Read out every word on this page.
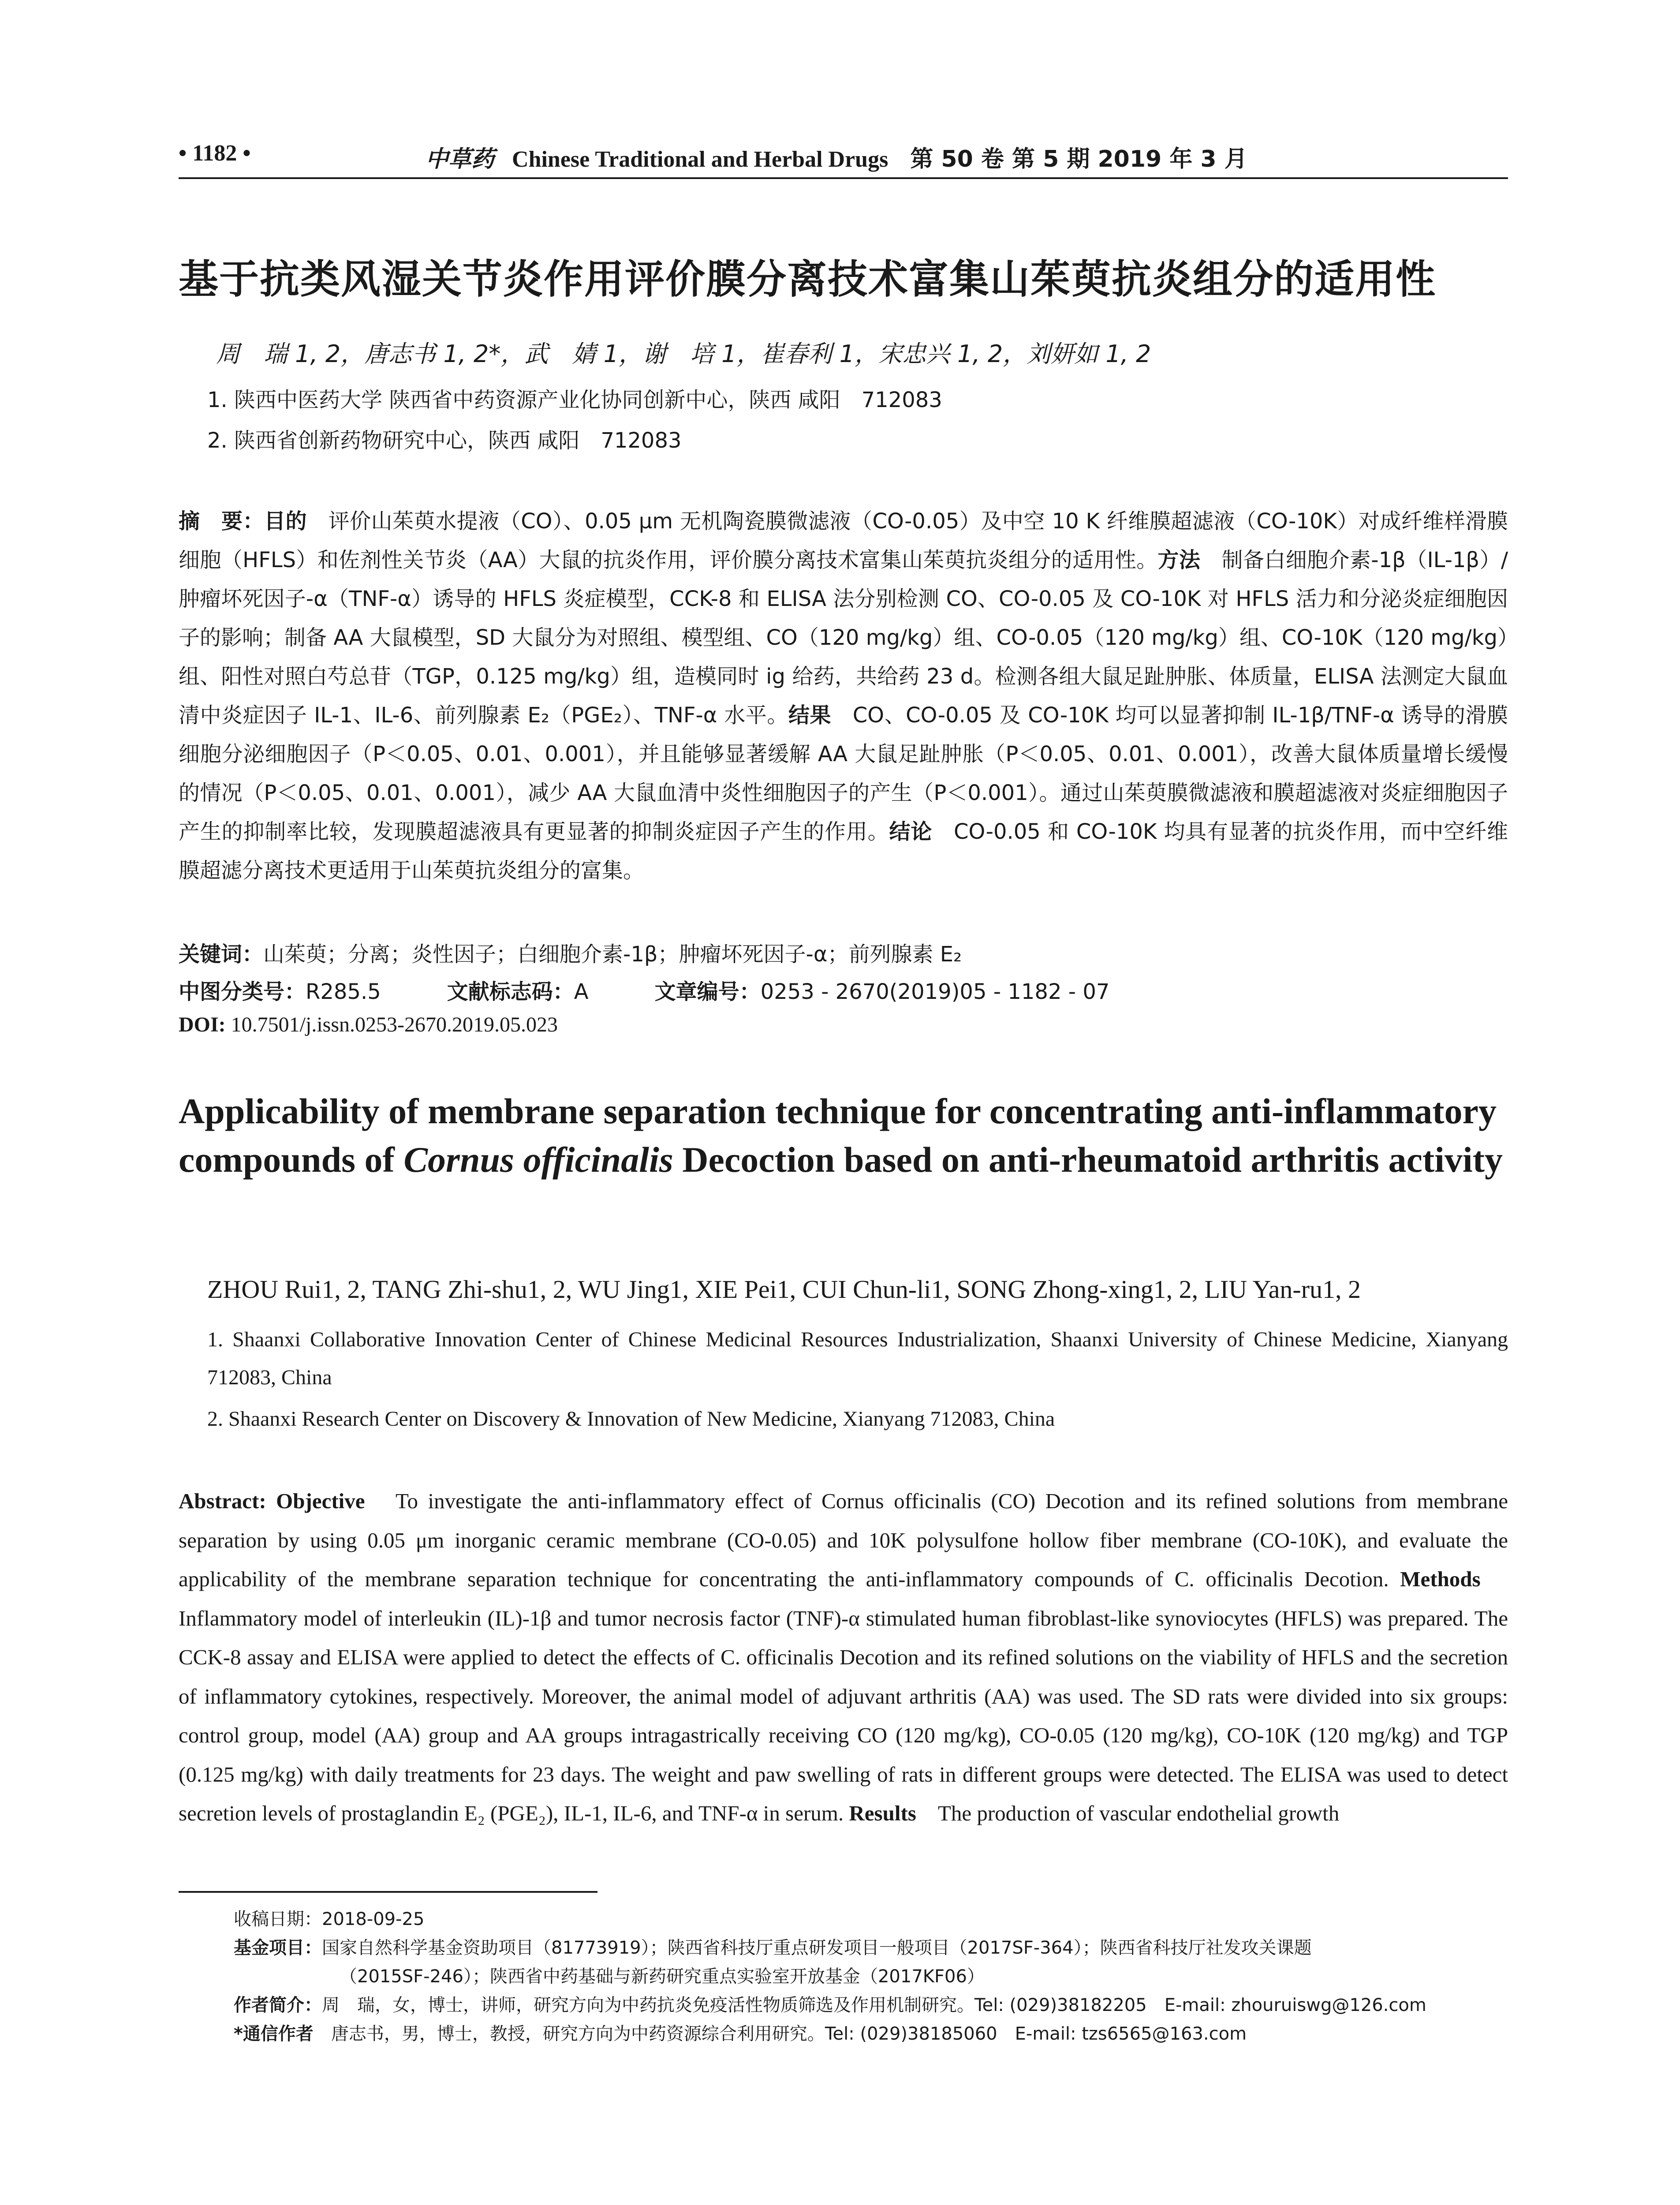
• 1182 •	中草药 Chinese Traditional and Herbal Drugs 第 50 卷 第 5 期 2019 年 3 月
基于抗类风湿关节炎作用评价膜分离技术富集山茱萸抗炎组分的适用性
周　瑞 1, 2，唐志书 1, 2*，武　婧 1，谢　培 1，崔春利 1，宋忠兴 1, 2，刘妍如 1, 2
1. 陕西中医药大学 陕西省中药资源产业化协同创新中心，陕西 咸阳　712083
2. 陕西省创新药物研究中心，陕西 咸阳　712083
摘　要：目的　评价山茱萸水提液（CO）、0.05 μm 无机陶瓷膜微滤液（CO-0.05）及中空 10 K 纤维膜超滤液（CO-10K）对成纤维样滑膜细胞（HFLS）和佐剂性关节炎（AA）大鼠的抗炎作用，评价膜分离技术富集山茱萸抗炎组分的适用性。方法　制备白细胞介素-1β（IL-1β）/肿瘤坏死因子-α（TNF-α）诱导的 HFLS 炎症模型，CCK-8 和 ELISA 法分别检测 CO、CO-0.05 及 CO-10K 对 HFLS 活力和分泌炎症细胞因子的影响；制备 AA 大鼠模型，SD 大鼠分为对照组、模型组、CO（120 mg/kg）组、CO-0.05（120 mg/kg）组、CO-10K（120 mg/kg）组、阳性对照白芍总苷（TGP，0.125 mg/kg）组，造模同时 ig 给药，共给药 23 d。检测各组大鼠足趾肿胀、体质量，ELISA 法测定大鼠血清中炎症因子 IL-1、IL-6、前列腺素 E₂（PGE₂）、TNF-α 水平。结果　CO、CO-0.05 及 CO-10K 均可以显著抑制 IL-1β/TNF-α 诱导的滑膜细胞分泌细胞因子（P＜0.05、0.01、0.001），并且能够显著缓解 AA 大鼠足趾肿胀（P＜0.05、0.01、0.001），改善大鼠体质量增长缓慢的情况（P＜0.05、0.01、0.001），减少 AA 大鼠血清中炎性细胞因子的产生（P＜0.001）。通过山茱萸膜微滤液和膜超滤液对炎症细胞因子产生的抑制率比较，发现膜超滤液具有更显著的抑制炎症因子产生的作用。结论　CO-0.05 和 CO-10K 均具有显著的抗炎作用，而中空纤维膜超滤分离技术更适用于山茱萸抗炎组分的富集。
关键词：山茱萸；分离；炎性因子；白细胞介素-1β；肿瘤坏死因子-α；前列腺素 E₂
中图分类号：R285.5	文献标志码：A	文章编号：0253 - 2670(2019)05 - 1182 - 07
DOI: 10.7501/j.issn.0253-2670.2019.05.023
Applicability of membrane separation technique for concentrating anti-inflammatory compounds of Cornus officinalis Decoction based on anti-rheumatoid arthritis activity
ZHOU Rui1, 2, TANG Zhi-shu1, 2, WU Jing1, XIE Pei1, CUI Chun-li1, SONG Zhong-xing1, 2, LIU Yan-ru1, 2
1. Shaanxi Collaborative Innovation Center of Chinese Medicinal Resources Industrialization, Shaanxi University of Chinese Medicine, Xianyang 712083, China
2. Shaanxi Research Center on Discovery & Innovation of New Medicine, Xianyang 712083, China
Abstract: Objective　To investigate the anti-inflammatory effect of Cornus officinalis (CO) Decotion and its refined solutions from membrane separation by using 0.05 μm inorganic ceramic membrane (CO-0.05) and 10K polysulfone hollow fiber membrane (CO-10K), and evaluate the applicability of the membrane separation technique for concentrating the anti-inflammatory compounds of C. officinalis Decotion. Methods　Inflammatory model of interleukin (IL)-1β and tumor necrosis factor (TNF)-α stimulated human fibroblast-like synoviocytes (HFLS) was prepared. The CCK-8 assay and ELISA were applied to detect the effects of C. officinalis Decotion and its refined solutions on the viability of HFLS and the secretion of inflammatory cytokines, respectively. Moreover, the animal model of adjuvant arthritis (AA) was used. The SD rats were divided into six groups: control group, model (AA) group and AA groups intragastrically receiving CO (120 mg/kg), CO-0.05 (120 mg/kg), CO-10K (120 mg/kg) and TGP (0.125 mg/kg) with daily treatments for 23 days. The weight and paw swelling of rats in different groups were detected. The ELISA was used to detect secretion levels of prostaglandin E₂ (PGE₂), IL-1, IL-6, and TNF-α in serum. Results　The production of vascular endothelial growth
收稿日期：2018-09-25
基金项目：国家自然科学基金资助项目（81773919）；陕西省科技厅重点研发项目一般项目（2017SF-364）；陕西省科技厅社发攻关课题
（2015SF-246）；陕西省中药基础与新药研究重点实验室开放基金（2017KF06）
作者简介：周　瑞，女，博士，讲师，研究方向为中药抗炎免疫活性物质筛选及作用机制研究。Tel: (029)38182205　E-mail: zhouruiswg@126.com
*通信作者　唐志书，男，博士，教授，研究方向为中药资源综合利用研究。Tel: (029)38185060　E-mail: tzs6565@163.com
